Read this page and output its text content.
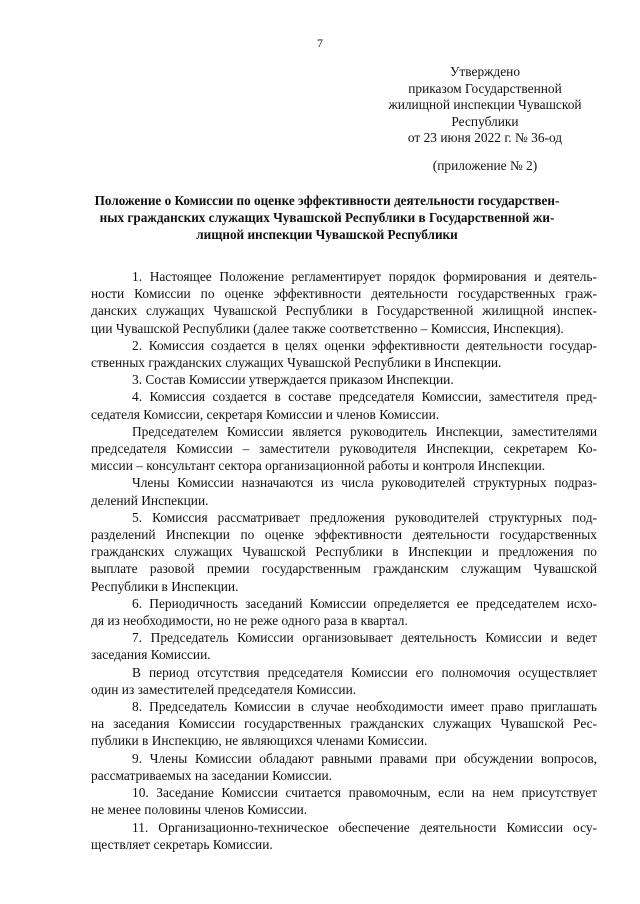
7
Утверждено
приказом Государственной
жилищной инспекции Чувашской
Республики
от 23 июня 2022 г. № 36-од
(приложение № 2)
Положение о Комиссии по оценке эффективности деятельности государствен-
ных гражданских служащих Чувашской Республики в Государственной жи-
лищной инспекции Чувашской Республики
1. Настоящее Положение регламентирует порядок формирования и деятель-
ности Комиссии по оценке эффективности деятельности государственных граж-
данских служащих Чувашской Республики в Государственной жилищной инспек-
ции Чувашской Республики (далее также соответственно – Комиссия, Инспекция).
2. Комиссия создается в целях оценки эффективности деятельности государ-
ственных гражданских служащих Чувашской Республики в Инспекции.
3. Состав Комиссии утверждается приказом Инспекции.
4. Комиссия создается в составе председателя Комиссии, заместителя пред-
седателя Комиссии, секретаря Комиссии и членов Комиссии.
Председателем Комиссии является руководитель Инспекции, заместителями
председателя Комиссии – заместители руководителя Инспекции, секретарем Ко-
миссии – консультант сектора организационной работы и контроля Инспекции.
Члены Комиссии назначаются из числа руководителей структурных подраз-
делений Инспекции.
5. Комиссия рассматривает предложения руководителей структурных под-
разделений Инспекции по оценке эффективности деятельности государственных
гражданских служащих Чувашской Республики в Инспекции и предложения по
выплате разовой премии государственным гражданским служащим Чувашской
Республики в Инспекции.
6. Периодичность заседаний Комиссии определяется ее председателем исхо-
дя из необходимости, но не реже одного раза в квартал.
7. Председатель Комиссии организовывает деятельность Комиссии и ведет
заседания Комиссии.
В период отсутствия председателя Комиссии его полномочия осуществляет
один из заместителей председателя Комиссии.
8. Председатель Комиссии в случае необходимости имеет право приглашать
на заседания Комиссии государственных гражданских служащих Чувашской Рес-
публики в Инспекцию, не являющихся членами Комиссии.
9. Члены Комиссии обладают равными правами при обсуждении вопросов,
рассматриваемых на заседании Комиссии.
10. Заседание Комиссии считается правомочным, если на нем присутствует
не менее половины членов Комиссии.
11. Организационно-техническое обеспечение деятельности Комиссии осу-
ществляет секретарь Комиссии.
